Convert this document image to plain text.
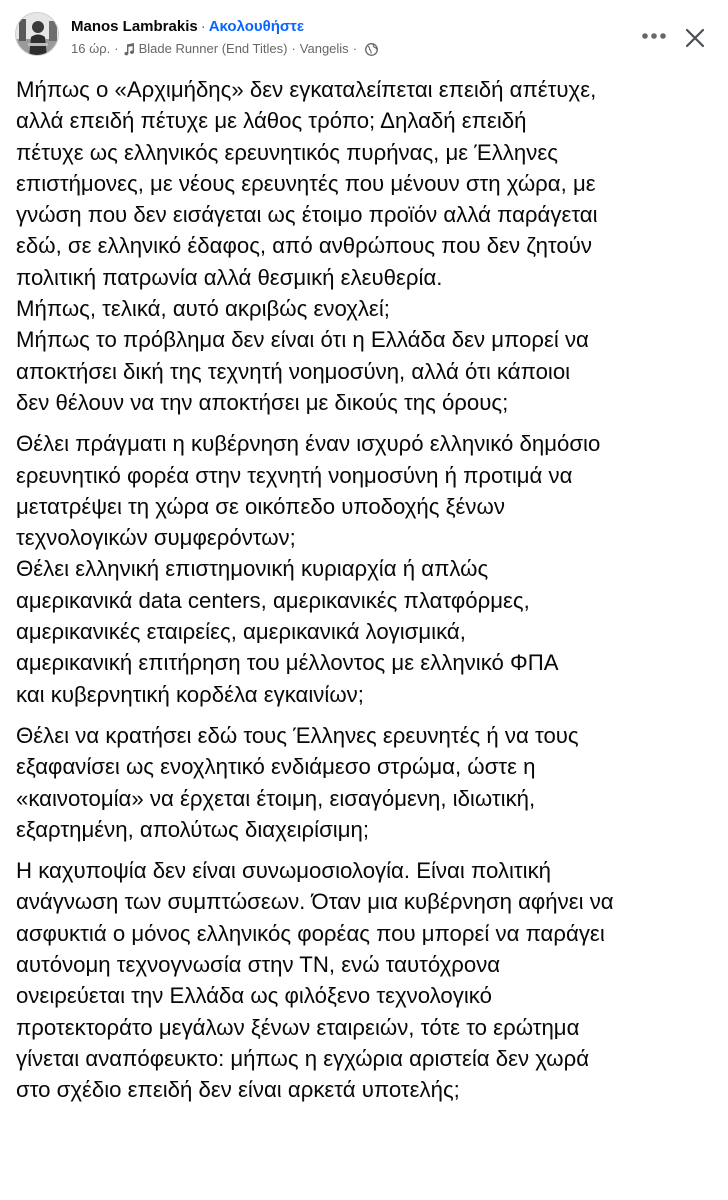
Manos Lambrakis · Ακολουθήστε
16 ώρ. · Blade Runner (End Titles) · Vangelis ·
Μήπως ο «Αρχιμήδης» δεν εγκαταλείπεται επειδή απέτυχε,
αλλά επειδή πέτυχε με λάθος τρόπο; Δηλαδή επειδή
πέτυχε ως ελληνικός ερευνητικός πυρήνας, με Έλληνες
επιστήμονες, με νέους ερευνητές που μένουν στη χώρα, με
γνώση που δεν εισάγεται ως έτοιμο προϊόν αλλά παράγεται
εδώ, σε ελληνικό έδαφος, από ανθρώπους που δεν ζητούν
πολιτική πατρωνία αλλά θεσμική ελευθερία.
Μήπως, τελικά, αυτό ακριβώς ενοχλεί;
Μήπως το πρόβλημα δεν είναι ότι η Ελλάδα δεν μπορεί να
αποκτήσει δική της τεχνητή νοημοσύνη, αλλά ότι κάποιοι
δεν θέλουν να την αποκτήσει με δικούς της όρους;
Θέλει πράγματι η κυβέρνηση έναν ισχυρό ελληνικό δημόσιο
ερευνητικό φορέα στην τεχνητή νοημοσύνη ή προτιμά να
μετατρέψει τη χώρα σε οικόπεδο υποδοχής ξένων
τεχνολογικών συμφερόντων;
Θέλει ελληνική επιστημονική κυριαρχία ή απλώς
αμερικανικά data centers, αμερικανικές πλατφόρμες,
αμερικανικές εταιρείες, αμερικανικά λογισμικά,
αμερικανική επιτήρηση του μέλλοντος με ελληνικό ΦΠΑ
και κυβερνητική κορδέλα εγκαινίων;
Θέλει να κρατήσει εδώ τους Έλληνες ερευνητές ή να τους
εξαφανίσει ως ενοχλητικό ενδιάμεσο στρώμα, ώστε η
«καινοτομία» να έρχεται έτοιμη, εισαγόμενη, ιδιωτική,
εξαρτημένη, απολύτως διαχειρίσιμη;
Η καχυποψία δεν είναι συνωμοσιολογία. Είναι πολιτική
ανάγνωση των συμπτώσεων. Όταν μια κυβέρνηση αφήνει να
ασφυκτιά ο μόνος ελληνικός φορέας που μπορεί να παράγει
αυτόνομη τεχνογνωσία στην ΤΝ, ενώ ταυτόχρονα
ονειρεύεται την Ελλάδα ως φιλόξενο τεχνολογικό
προτεκτοράτο μεγάλων ξένων εταιρειών, τότε το ερώτημα
γίνεται αναπόφευκτο: μήπως η εγχώρια αριστεία δεν χωρά
στο σχέδιο επειδή δεν είναι αρκετά υποτελής;
